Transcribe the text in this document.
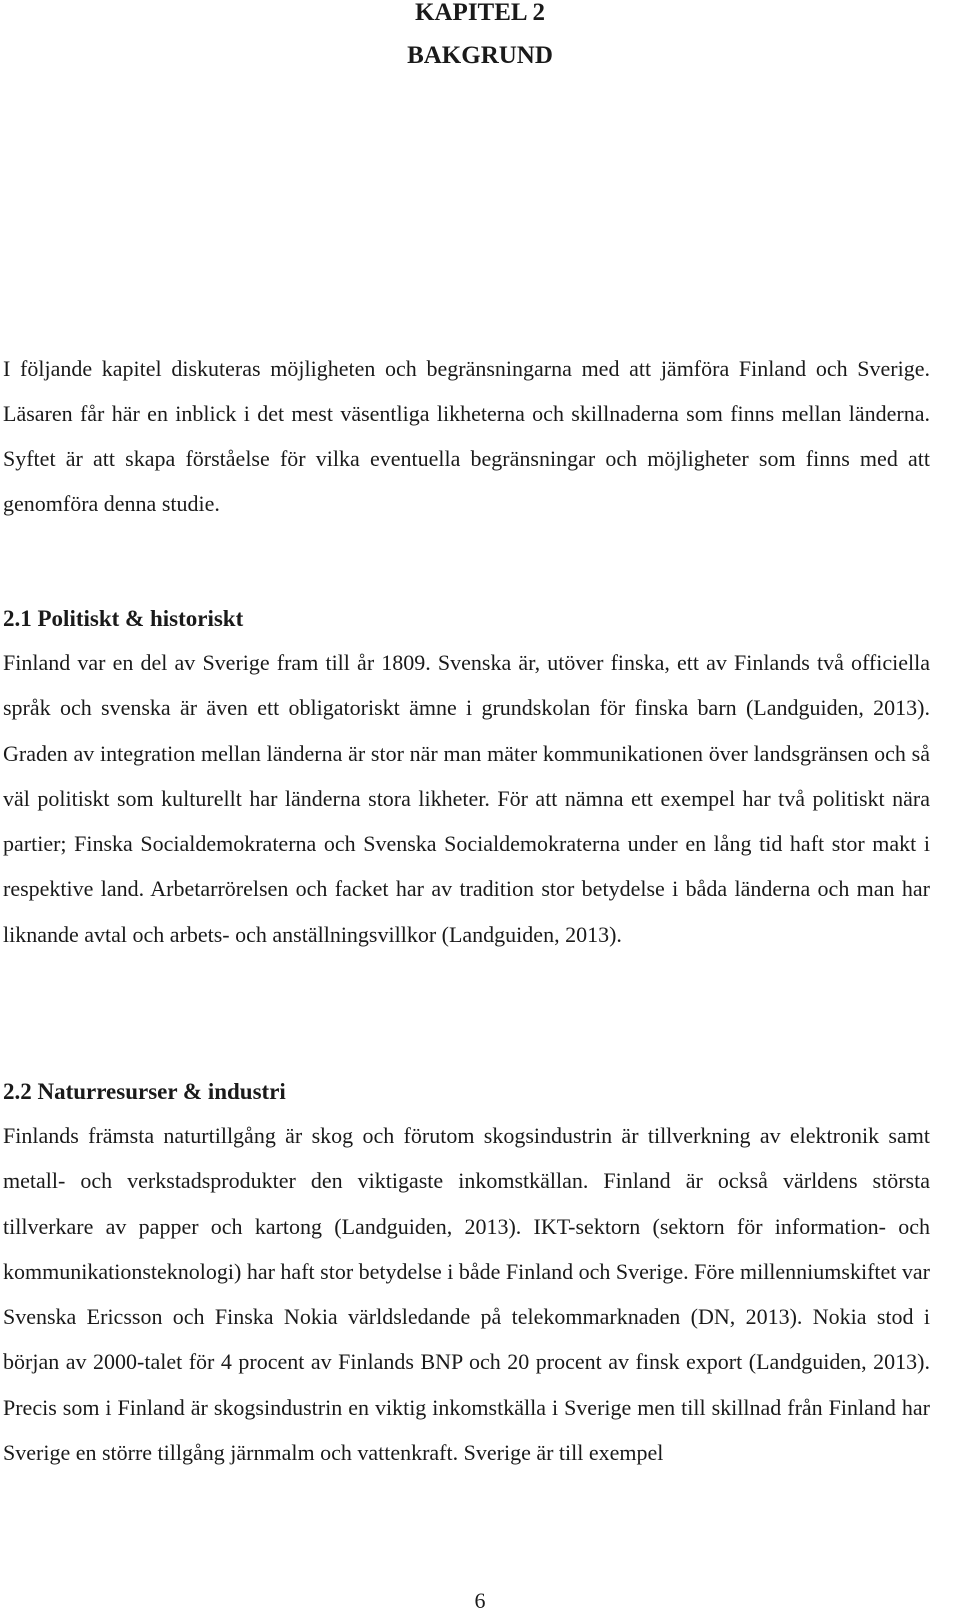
KAPITEL 2
BAKGRUND

I följande kapitel diskuteras möjligheten och begränsningarna med att jämföra Finland och Sverige. Läsaren får här en inblick i det mest väsentliga likheterna och skillnaderna som finns mellan länderna. Syftet är att skapa förståelse för vilka eventuella begränsningar och möjligheter som finns med att genomföra denna studie.

2.1 Politiskt & historiskt

Finland var en del av Sverige fram till år 1809. Svenska är, utöver finska, ett av Finlands två officiella språk och svenska är även ett obligatoriskt ämne i grundskolan för finska barn (Landguiden, 2013). Graden av integration mellan länderna är stor när man mäter kommunikationen över landsgränsen och så väl politiskt som kulturellt har länderna stora likheter. För att nämna ett exempel har två politiskt nära partier; Finska Socialdemokraterna och Svenska Socialdemokraterna under en lång tid haft stor makt i respektive land. Arbetarrörelsen och facket har av tradition stor betydelse i båda länderna och man har liknande avtal och arbets- och anställningsvillkor (Landguiden, 2013).

2.2 Naturresurser & industri

Finlands främsta naturtillgång är skog och förutom skogsindustrin är tillverkning av elektronik samt metall- och verkstadsprodukter den viktigaste inkomstkällan. Finland är också världens största tillverkare av papper och kartong (Landguiden, 2013). IKT-sektorn (sektorn för information- och kommunikationsteknologi) har haft stor betydelse i både Finland och Sverige. Före millenniumskiftet var Svenska Ericsson och Finska Nokia världsledande på telekommarknaden (DN, 2013). Nokia stod i början av 2000-talet för 4 procent av Finlands BNP och 20 procent av finsk export (Landguiden, 2013). Precis som i Finland är skogsindustrin en viktig inkomstkälla i Sverige men till skillnad från Finland har Sverige en större tillgång järnmalm och vattenkraft. Sverige är till exempel

6
